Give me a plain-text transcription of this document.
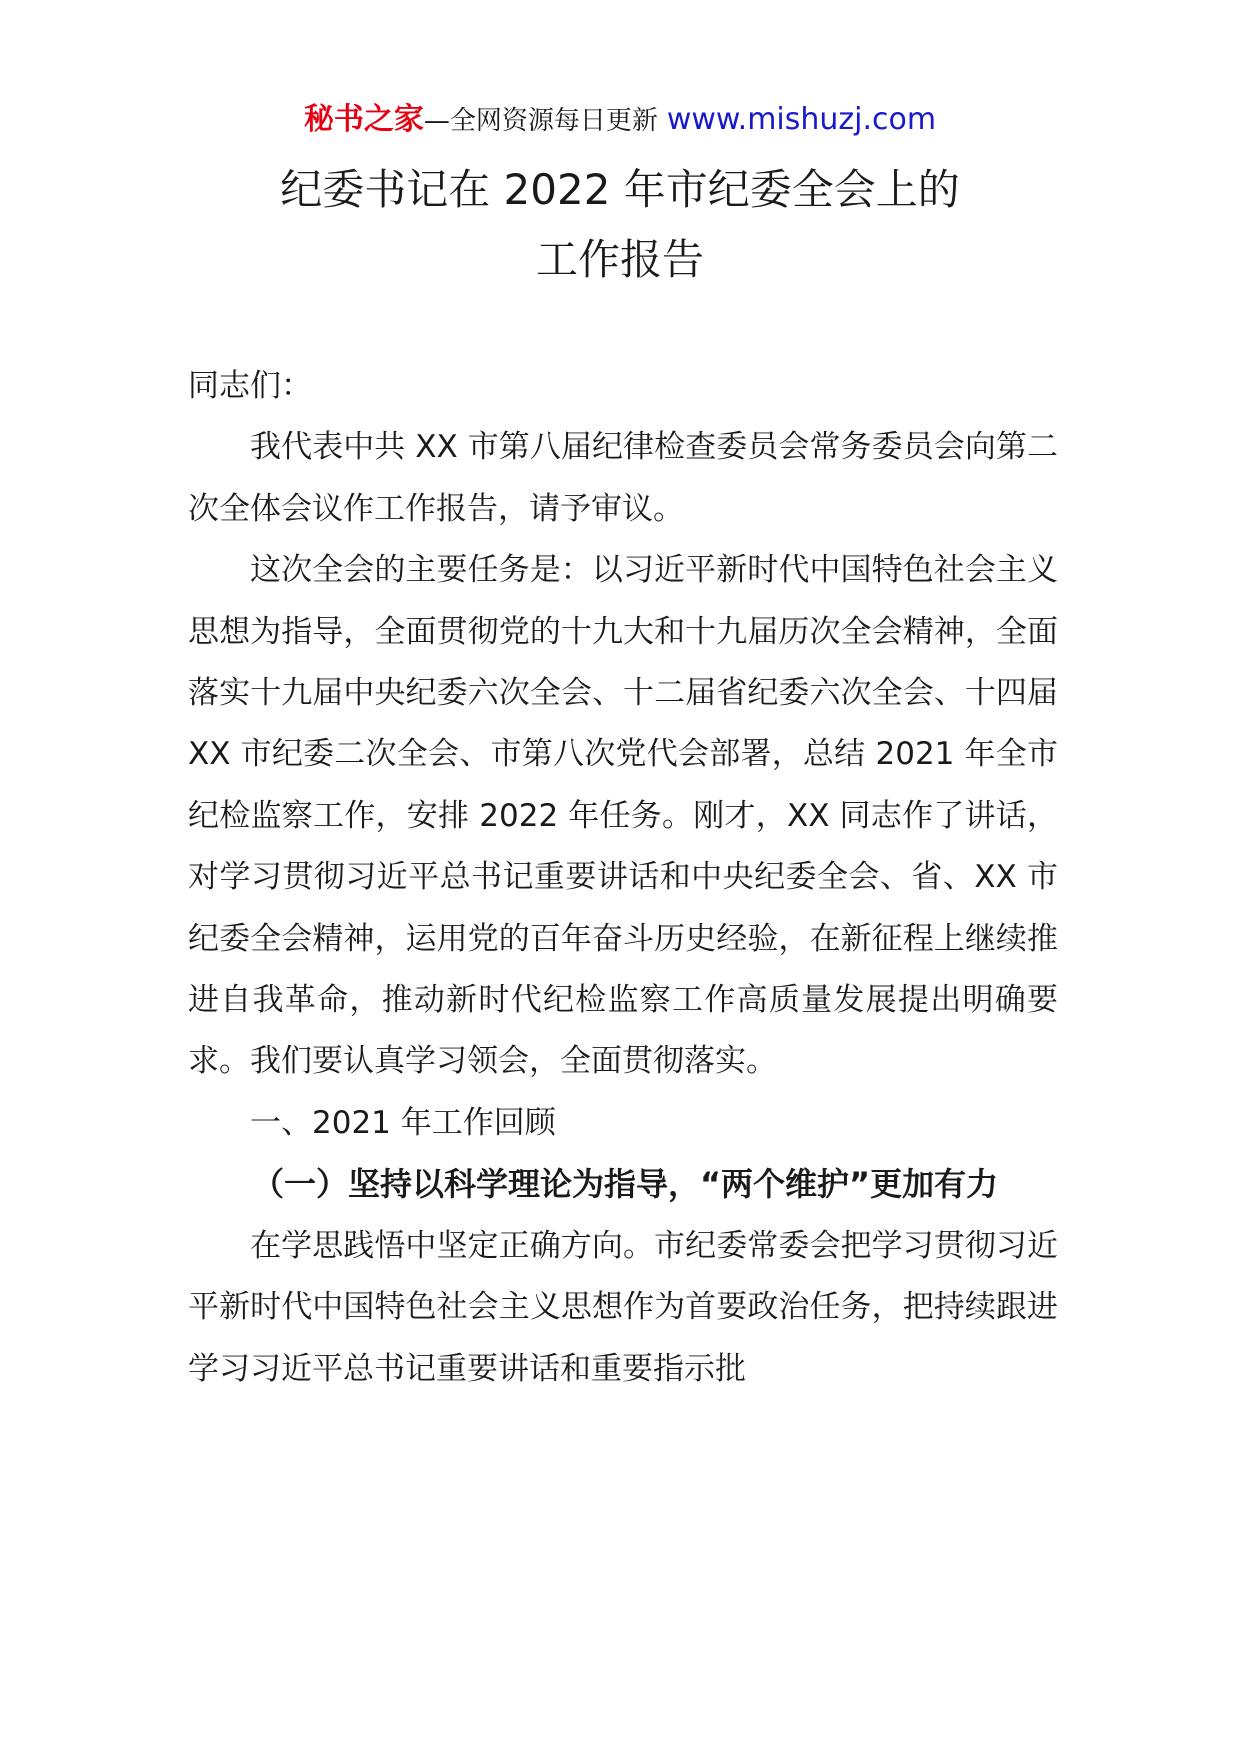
秘书之家—全网资源每日更新 www.mishuzj.com
纪委书记在 2022 年市纪委全会上的
工作报告

同志们：

我代表中共 XX 市第八届纪律检查委员会常务委员会向第二次全体会议作工作报告，请予审议。

这次全会的主要任务是：以习近平新时代中国特色社会主义思想为指导，全面贯彻党的十九大和十九届历次全会精神，全面落实十九届中央纪委六次全会、十二届省纪委六次全会、十四届 XX 市纪委二次全会、市第八次党代会部署，总结 2021 年全市纪检监察工作，安排 2022 年任务。刚才，XX 同志作了讲话，对学习贯彻习近平总书记重要讲话和中央纪委全会、省、XX 市纪委全会精神，运用党的百年奋斗历史经验，在新征程上继续推进自我革命，推动新时代纪检监察工作高质量发展提出明确要求。我们要认真学习领会，全面贯彻落实。

一、2021 年工作回顾

（一）坚持以科学理论为指导，“两个维护”更加有力

在学思践悟中坚定正确方向。市纪委常委会把学习贯彻习近平新时代中国特色社会主义思想作为首要政治任务，把持续跟进学习习近平总书记重要讲话和重要指示批
